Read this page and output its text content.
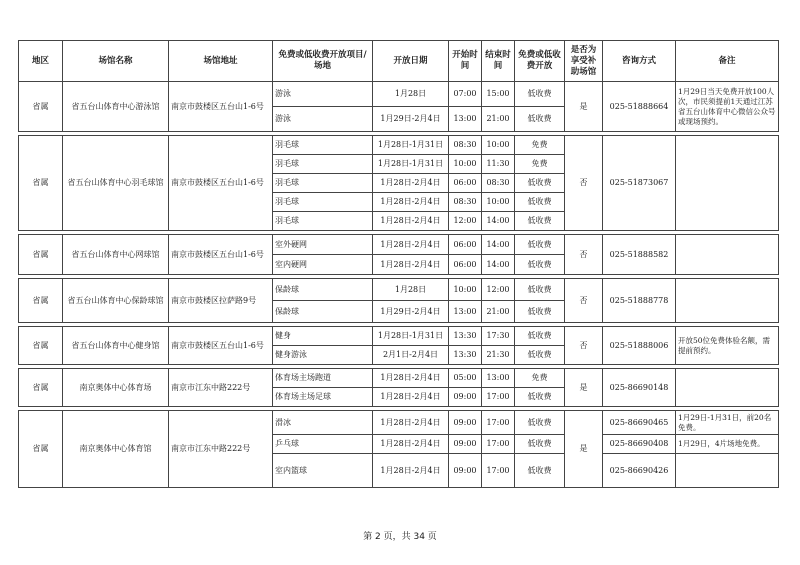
地区	场馆名称	场馆地址	免费或低收费开放项目/场地	开放日期	开始时间	结束时间	免费或低收费开放	是否为享受补助场馆	咨询方式	备注
省属	省五台山体育中心游泳馆	南京市鼓楼区五台山1-6号	游泳	1月28日	07:00	15:00	低收费	是	025-51888664	1月29日当天免费开放100人次，市民须提前1天通过江苏省五台山体育中心微信公众号或现场预约。
			游泳	1月29日-2月4日	13:00	21:00	低收费			

省属	省五台山体育中心羽毛球馆	南京市鼓楼区五台山1-6号	羽毛球	1月28日-1月31日	08:30	10:00	免费	否	025-51873067	
			羽毛球	1月28日-1月31日	10:00	11:30	免费			
			羽毛球	1月28日-2月4日	06:00	08:30	低收费			
			羽毛球	1月28日-2月4日	08:30	10:00	低收费			
			羽毛球	1月28日-2月4日	12:00	14:00	低收费			

省属	省五台山体育中心网球馆	南京市鼓楼区五台山1-6号	室外硬网	1月28日-2月4日	06:00	14:00	低收费	否	025-51888582	
			室内硬网	1月28日-2月4日	06:00	14:00	低收费			

省属	省五台山体育中心保龄球馆	南京市鼓楼区拉萨路9号	保龄球	1月28日	10:00	12:00	低收费	否	025-51888778	
			保龄球	1月29日-2月4日	13:00	21:00	低收费			

省属	省五台山体育中心健身馆	南京市鼓楼区五台山1-6号	健身	1月28日-1月31日	13:30	17:30	低收费	否	025-51888006	开放50位免费体验名额，需提前预约。
			健身游泳	2月1日-2月4日	13:30	21:30	低收费			

省属	南京奥体中心体育场	南京市江东中路222号	体育场主场跑道	1月28日-2月4日	05:00	13:00	免费	是	025-86690148	
			体育场主场足球	1月28日-2月4日	09:00	17:00	低收费			

省属	南京奥体中心体育馆	南京市江东中路222号	滑冰	1月28日-2月4日	09:00	17:00	低收费	是	025-86690465	1月29日-1月31日，前20名免费。
			乒乓球	1月28日-2月4日	09:00	17:00	低收费		025-86690408	1月29日，4片场地免费。
			室内篮球	1月28日-2月4日	09:00	17:00	低收费		025-86690426	
第 2 页，共 34 页
